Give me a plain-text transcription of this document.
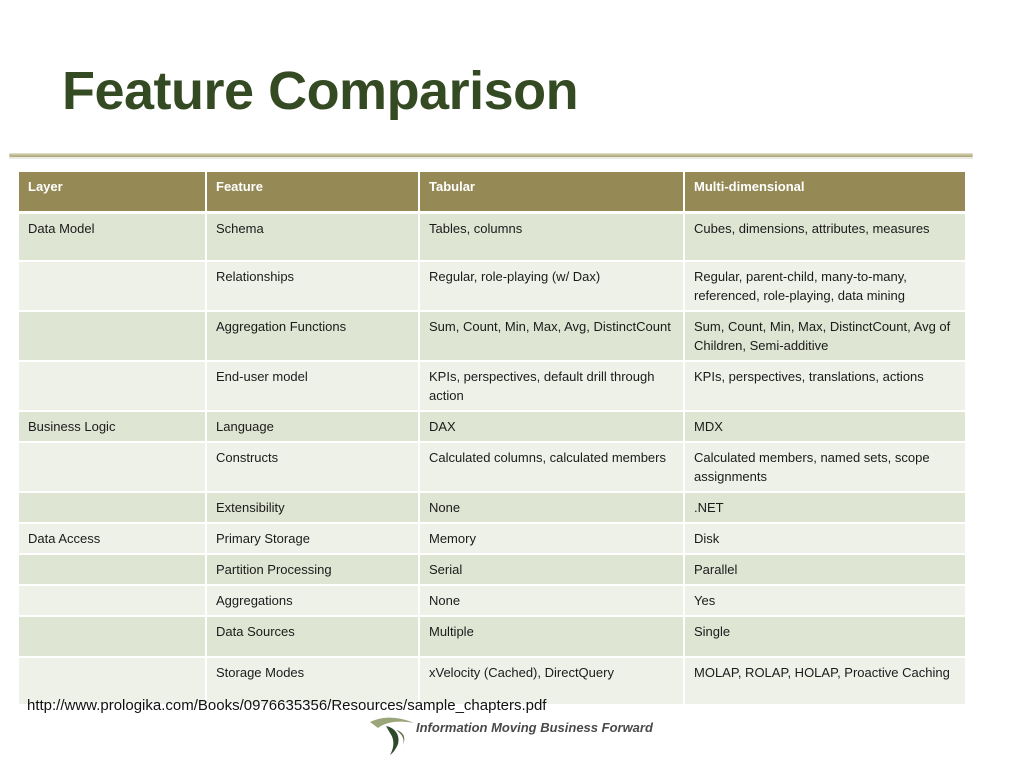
Feature Comparison
Layer	Feature	Tabular	Multi-dimensional
Data Model	Schema	Tables, columns	Cubes, dimensions, attributes, measures
	Relationships	Regular, role-playing (w/ Dax)	Regular, parent-child, many-to-many, referenced, role-playing, data mining
	Aggregation Functions	Sum, Count, Min, Max, Avg, DistinctCount	Sum, Count, Min, Max, DistinctCount, Avg of Children, Semi-additive
	End-user model	KPIs, perspectives, default drill through action	KPIs, perspectives, translations, actions
Business Logic	Language	DAX	MDX
	Constructs	Calculated columns, calculated members	Calculated members, named sets, scope assignments
	Extensibility	None	.NET
Data Access	Primary Storage	Memory	Disk
	Partition Processing	Serial	Parallel
	Aggregations	None	Yes
	Data Sources	Multiple	Single
	Storage Modes	xVelocity (Cached), DirectQuery	MOLAP, ROLAP, HOLAP, Proactive Caching
http://www.prologika.com/Books/0976635356/Resources/sample_chapters.pdf
Information Moving Business Forward
